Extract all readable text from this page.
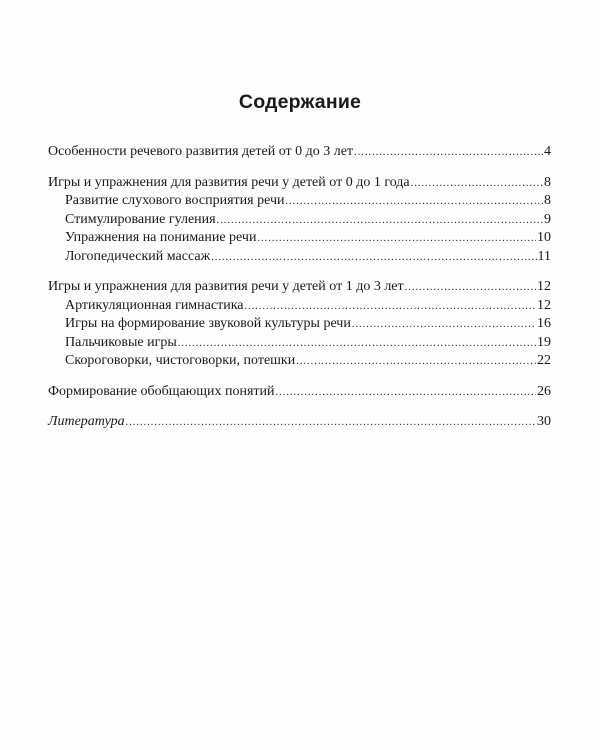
Содержание
Особенности речевого развития детей от 0 до 3 лет .....	4
Игры и упражнения для развития речи у детей от 0 до 1 года .....	8
Развитие слухового восприятия речи .....	8
Стимулирование гуления .....	9
Упражнения на понимание речи .....	10
Логопедический массаж .....	11
Игры и упражнения для развития речи у детей от 1 до 3 лет .....	12
Артикуляционная гимнастика .....	12
Игры на формирование звуковой культуры речи .....	16
Пальчиковые игры .....	19
Скороговорки, чистоговорки, потешки .....	22
Формирование обобщающих понятий .....	26
Литература .....	30
